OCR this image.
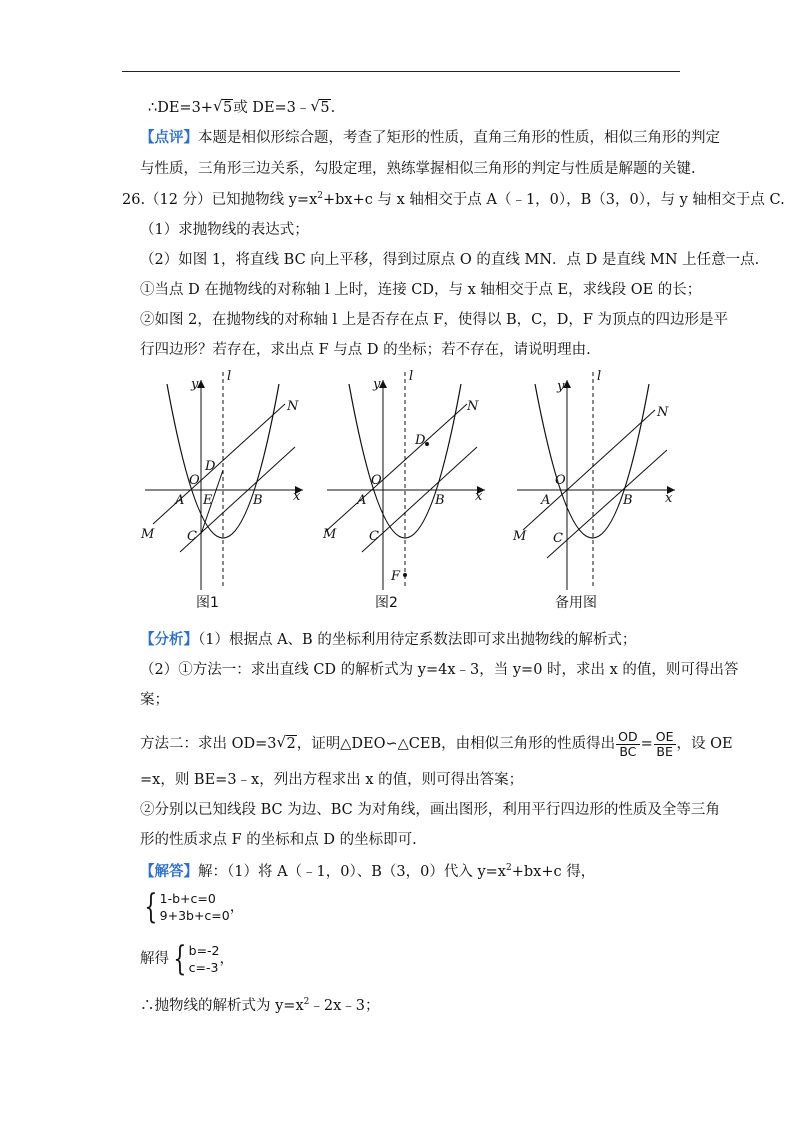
∴DE=3+ √ 5或 DE=3﹣ √ 5.
【点评】本题是相似形综合题，考查了矩形的性质，直角三角形的性质，相似三角形的判定
与性质，三角形三边关系，勾股定理，熟练掌握相似三角形的判定与性质是解题的关键.
26.（12 分）已知抛物线 $y=x^2+bx+c$ 与 x 轴相交于点 A（﹣1，0），B（3，0），与 y 轴相交于点 C.
（1）求抛物线的表达式；
（2）如图 1，将直线 BC 向上平移，得到过原点 O 的直线 MN．点 D 是直线 MN 上任意一点.
①当点 D 在抛物线的对称轴 l 上时，连接 CD，与 x 轴相交于点 E，求线段 OE 的长；
②如图 2，在抛物线的对称轴 l 上是否存在点 F，使得以 B，C，D，F 为顶点的四边形是平
行四边形？若存在，求出点 F 与点 D 的坐标；若不存在，请说明理由.
y
l
N
M
O
A E	B
C
D
x
y
l
N
M
O
A	B
C
D
F
x
y
l
N
M
O
A	B
C
x
图1	图2	备用图
【分析】（1）根据点 A、B 的坐标利用待定系数法即可求出抛物线的解析式；
（2）①方法一：求出直线 CD 的解析式为 y=4x﹣3，当 y=0 时，求出 x 的值，则可得出答
案；
方法二：求出 OD=3 √ 2，证明△DEO∽△CEB，由相似三角形的性质得出 $\frac{OD}{BC} = \frac{OE}{BE}$ ，设 OE
=x，则 BE=3﹣x，列出方程求出 x 的值，则可得出答案；
②分别以已知线段 BC 为边、BC 为对角线，画出图形，利用平行四边形的性质及全等三角
形的性质求点 F 的坐标和点 D 的坐标即可.
【解答】解：（1）将 A（﹣1，0）、B（3，0）代入 $y=x^2+bx+c$ 得，
{ 1-b+c=0
9+3b+c=0
，
解得 { b=-2
c=-3
，
∴抛物线的解析式为 $y=x^2﹣2x﹣3$；
